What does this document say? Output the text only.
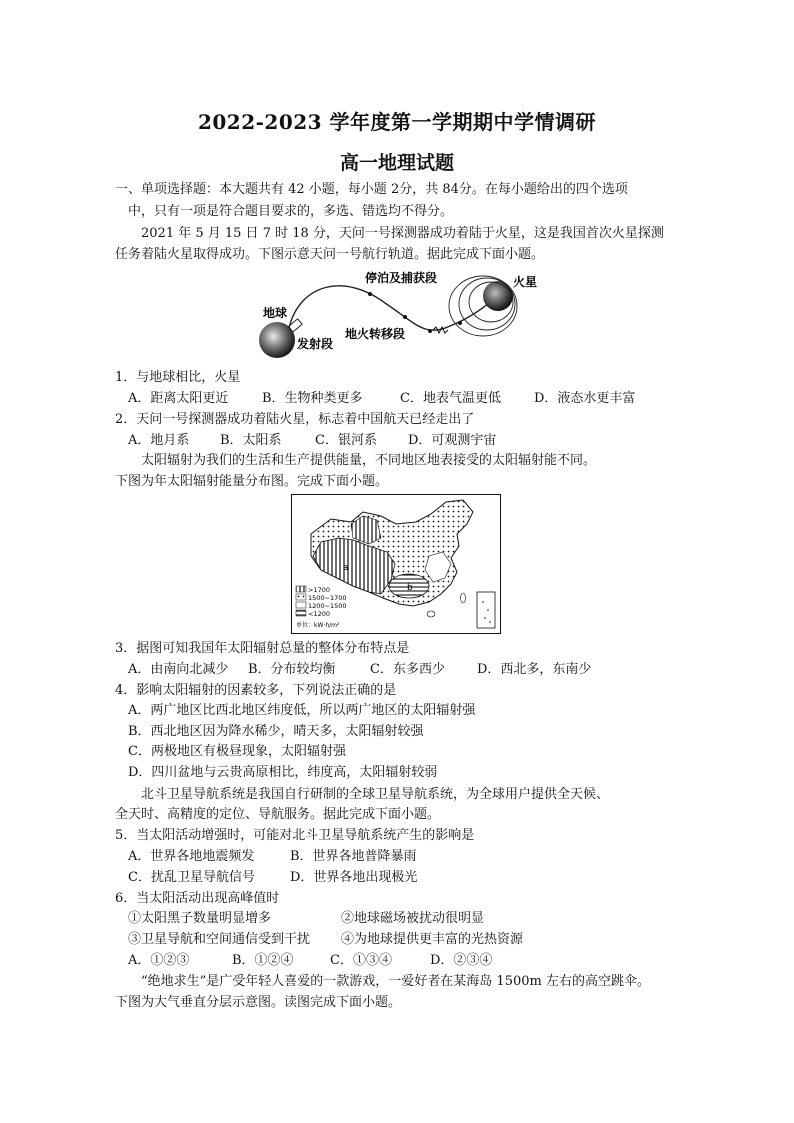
2022-2023 学年度第一学期期中学情调研
高一地理试题
一、单项选择题：本大题共有 42 小题，每小题 2分，共 84分。在每小题给出的四个选项
中，只有一项是符合题目要求的，多选、错选均不得分。
2021 年 5 月 15 日 7 时 18 分，天问一号探测器成功着陆于火星，这是我国首次火星探测
任务着陆火星取得成功。下图示意天问一号航行轨道。据此完成下面小题。
地球
发射段
地火转移段
停泊及捕获段	火星
1．与地球相比，火星
A．距离太阳更近	B．生物种类更多	C．地表气温更低	D．液态水更丰富
2．天问一号探测器成功着陆火星，标志着中国航天已经走出了
A．地月系 B．太阳系	C．银河系 D．可观测宇宙
太阳辐射为我们的生活和生产提供能量，不同地区地表接受的太阳辐射能不同。
下图为年太阳辐射能量分布图。完成下面小题。
a
b
>1700
1500~1700
1200~1500
<1200
单位：kW·h/m²
3．据图可知我国年太阳辐射总量的整体分布特点是
A．由南向北减少 B．分布较均衡	C．东多西少 D．西北多，东南少
4．影响太阳辐射的因素较多，下列说法正确的是
A．两广地区比西北地区纬度低，所以两广地区的太阳辐射强
B．西北地区因为降水稀少，晴天多，太阳辐射较强
C．两极地区有极昼现象，太阳辐射强
D．四川盆地与云贵高原相比，纬度高，太阳辐射较弱
北斗卫星导航系统是我国自行研制的全球卫星导航系统，为全球用户提供全天候、
全天时、高精度的定位、导航服务。据此完成下面小题。
5．当太阳活动增强时，可能对北斗卫星导航系统产生的影响是
A．世界各地地震频发	B．世界各地普降暴雨
C．扰乱卫星导航信号	D．世界各地出现极光
6．当太阳活动出现高峰值时
①太阳黑子数量明显增多	②地球磁场被扰动很明显
③卫星导航和空间通信受到干扰 ④为地球提供更丰富的光热资源
A．①②③	B．①②④	C．①③④	D．②③④
“绝地求生”是广受年轻人喜爱的一款游戏，一爱好者在某海岛 1500m 左右的高空跳伞。
下图为大气垂直分层示意图。读图完成下面小题。
